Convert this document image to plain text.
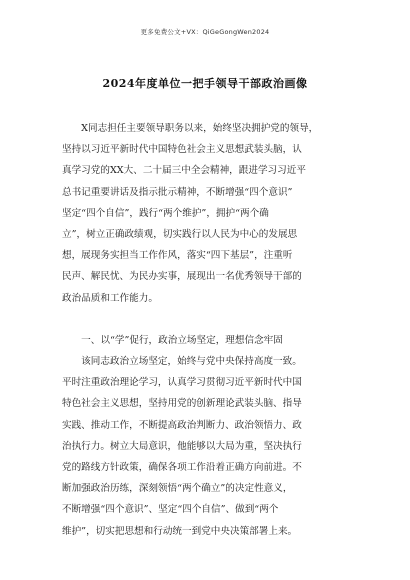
更多免费公文+VX：QiGeGongWen2024
2024年度单位一把手领导干部政治画像
　　X同志担任主要领导职务以来，始终坚决拥护党的领导，
坚持以习近平新时代中国特色社会主义思想武装头脑，认
真学习党的XX大、二十届三中全会精神，跟进学习习近平
总书记重要讲话及指示批示精神，不断增强“四个意识”
坚定“四个自信”，践行“两个维护”，拥护“两个确
立”，树立正确政绩观，切实践行以人民为中心的发展思
想，展现务实担当工作作风，落实“四下基层”，注重听
民声、解民忧、为民办实事，展现出一名优秀领导干部的
政治品质和工作能力。
　　一、以“学”促行，政治立场坚定，理想信念牢固
　　该同志政治立场坚定，始终与党中央保持高度一致。
平时注重政治理论学习，认真学习贯彻习近平新时代中国
特色社会主义思想，坚持用党的创新理论武装头脑、指导
实践、推动工作，不断提高政治判断力、政治领悟力、政
治执行力。树立大局意识，他能够以大局为重，坚决执行
党的路线方针政策，确保各项工作沿着正确方向前进。不
断加强政治历练，深刻领悟“两个确立”的决定性意义，
不断增强“四个意识”、坚定“四个自信”、做到“两个
维护”，切实把思想和行动统一到党中央决策部署上来。
